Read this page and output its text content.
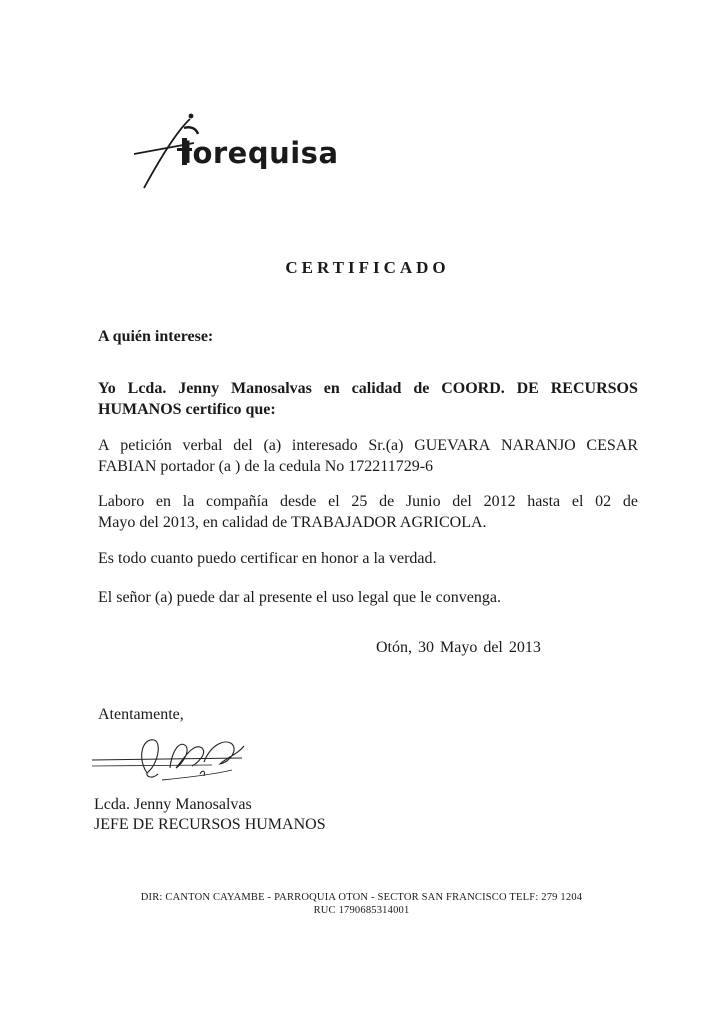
lorequisa
CERTIFICADO
A quién interese:
Yo Lcda. Jenny Manosalvas en calidad de COORD. DE RECURSOS
HUMANOS certifico que:
A petición verbal del (a) interesado Sr.(a) GUEVARA NARANJO CESAR
FABIAN portador (a ) de la cedula No 172211729-6
Laboro en la compañía desde el 25 de Junio del 2012 hasta el 02 de
Mayo del 2013, en calidad de TRABAJADOR AGRICOLA.
Es todo cuanto puedo certificar en honor a la verdad.
El señor (a) puede dar al presente el uso legal que le convenga.
Otón, 30 Mayo del 2013
Atentamente,
Lcda. Jenny Manosalvas
JEFE DE RECURSOS HUMANOS
DIR: CANTON CAYAMBE - PARROQUIA OTON - SECTOR SAN FRANCISCO TELF: 279 1204
RUC 1790685314001
